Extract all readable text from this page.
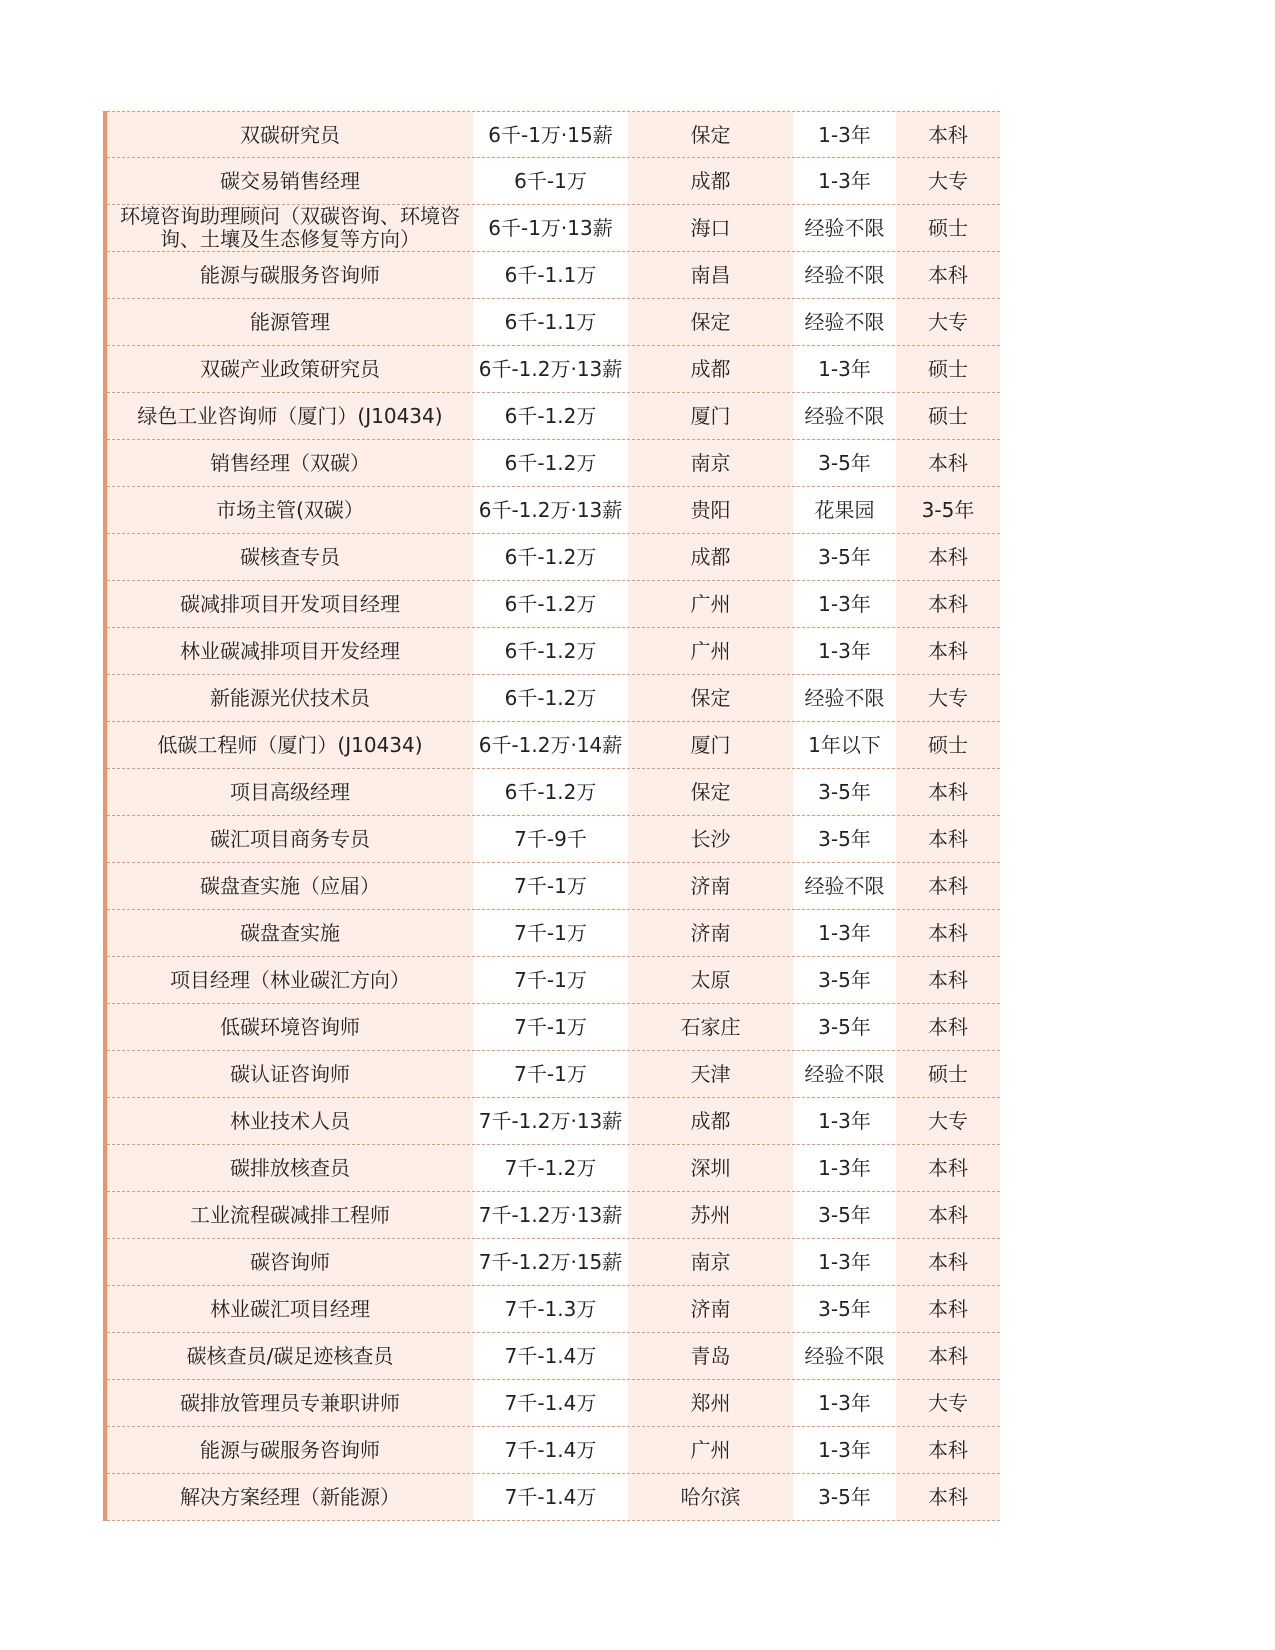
双碳研究员	6千-1万·15薪	保定	1-3年	本科
碳交易销售经理	6千-1万	成都	1-3年	大专
环境咨询助理顾问（双碳咨询、环境咨询、土壤及生态修复等方向）	6千-1万·13薪	海口	经验不限	硕士
能源与碳服务咨询师	6千-1.1万	南昌	经验不限	本科
能源管理	6千-1.1万	保定	经验不限	大专
双碳产业政策研究员	6千-1.2万·13薪	成都	1-3年	硕士
绿色工业咨询师（厦门）(J10434)	6千-1.2万	厦门	经验不限	硕士
销售经理（双碳）	6千-1.2万	南京	3-5年	本科
市场主管(双碳）	6千-1.2万·13薪	贵阳	花果园	3-5年
碳核查专员	6千-1.2万	成都	3-5年	本科
碳减排项目开发项目经理	6千-1.2万	广州	1-3年	本科
林业碳减排项目开发经理	6千-1.2万	广州	1-3年	本科
新能源光伏技术员	6千-1.2万	保定	经验不限	大专
低碳工程师（厦门）(J10434)	6千-1.2万·14薪	厦门	1年以下	硕士
项目高级经理	6千-1.2万	保定	3-5年	本科
碳汇项目商务专员	7千-9千	长沙	3-5年	本科
碳盘查实施（应届）	7千-1万	济南	经验不限	本科
碳盘查实施	7千-1万	济南	1-3年	本科
项目经理（林业碳汇方向）	7千-1万	太原	3-5年	本科
低碳环境咨询师	7千-1万	石家庄	3-5年	本科
碳认证咨询师	7千-1万	天津	经验不限	硕士
林业技术人员	7千-1.2万·13薪	成都	1-3年	大专
碳排放核查员	7千-1.2万	深圳	1-3年	本科
工业流程碳减排工程师	7千-1.2万·13薪	苏州	3-5年	本科
碳咨询师	7千-1.2万·15薪	南京	1-3年	本科
林业碳汇项目经理	7千-1.3万	济南	3-5年	本科
碳核查员/碳足迹核查员	7千-1.4万	青岛	经验不限	本科
碳排放管理员专兼职讲师	7千-1.4万	郑州	1-3年	大专
能源与碳服务咨询师	7千-1.4万	广州	1-3年	本科
解决方案经理（新能源）	7千-1.4万	哈尔滨	3-5年	本科
